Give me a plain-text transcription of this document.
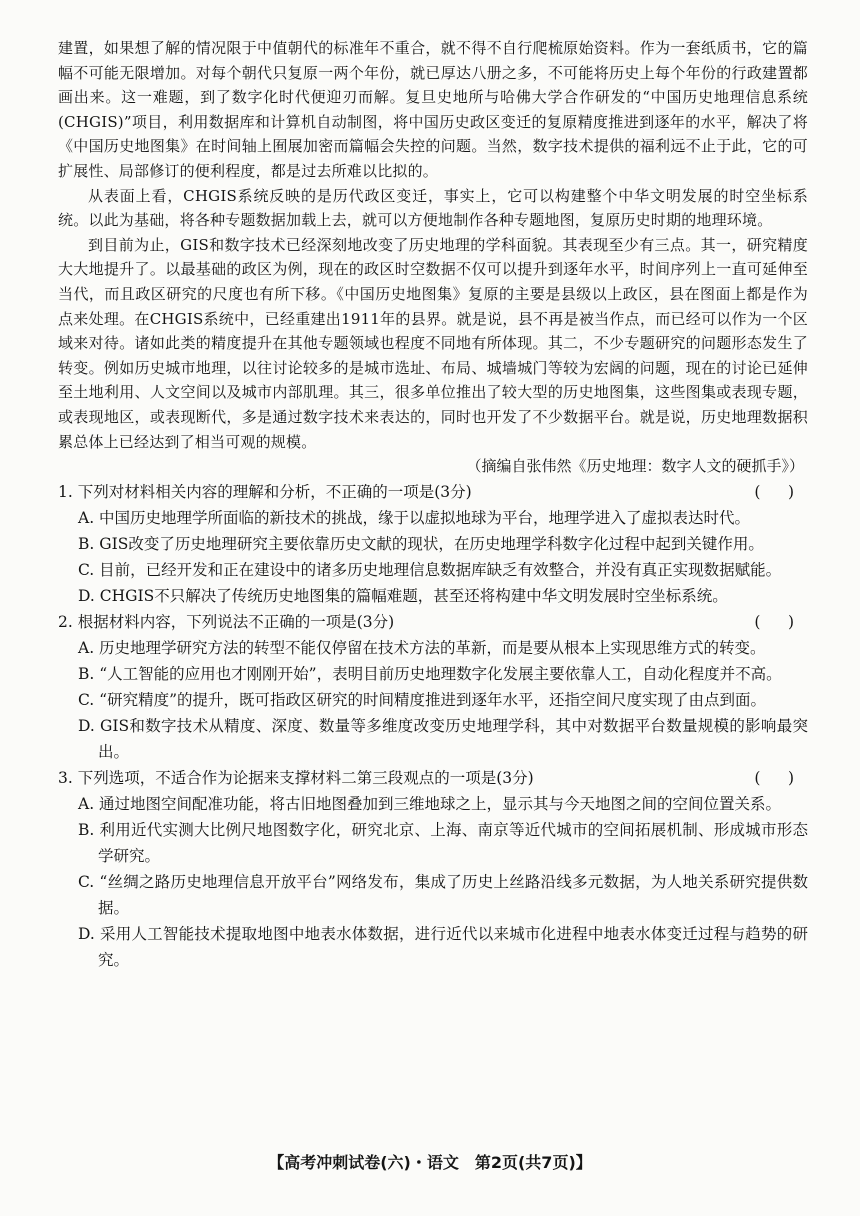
建置，如果想了解的情况限于中值朝代的标准年不重合，就不得不自行爬梳原始资料。作为一套纸质书，它的篇幅不可能无限增加。对每个朝代只复原一两个年份，就已厚达八册之多，不可能将历史上每个年份的行政建置都画出来。这一难题，到了数字化时代便迎刃而解。复旦史地所与哈佛大学合作研发的“中国历史地理信息系统(CHGIS)”项目，利用数据库和计算机自动制图，将中国历史政区变迁的复原精度推进到逐年的水平，解决了将《中国历史地图集》在时间轴上囿展加密而篇幅会失控的问题。当然，数字技术提供的福利远不止于此，它的可扩展性、局部修订的便利程度，都是过去所难以比拟的。

从表面上看，CHGIS系统反映的是历代政区变迁，事实上，它可以构建整个中华文明发展的时空坐标系统。以此为基础，将各种专题数据加载上去，就可以方便地制作各种专题地图，复原历史时期的地理环境。

到目前为止，GIS和数字技术已经深刻地改变了历史地理的学科面貌。其表现至少有三点。其一，研究精度大大地提升了。以最基础的政区为例，现在的政区时空数据不仅可以提升到逐年水平，时间序列上一直可延伸至当代，而且政区研究的尺度也有所下移。《中国历史地图集》复原的主要是县级以上政区，县在图面上都是作为点来处理。在CHGIS系统中，已经重建出1911年的县界。就是说，县不再是被当作点，而已经可以作为一个区域来对待。诸如此类的精度提升在其他专题领域也程度不同地有所体现。其二，不少专题研究的问题形态发生了转变。例如历史城市地理，以往讨论较多的是城市选址、布局、城墙城门等较为宏阔的问题，现在的讨论已延伸至土地利用、人文空间以及城市内部肌理。其三，很多单位推出了较大型的历史地图集，这些图集或表现专题，或表现地区，或表现断代，多是通过数字技术来表达的，同时也开发了不少数据平台。就是说，历史地理数据积累总体上已经达到了相当可观的规模。

（摘编自张伟然《历史地理：数字人文的硬抓手》）

1. 下列对材料相关内容的理解和分析，不正确的一项是(3分)	(　)

A. 中国历史地理学所面临的新技术的挑战，缘于以虚拟地球为平台，地理学进入了虚拟表达时代。

B. GIS改变了历史地理研究主要依靠历史文献的现状，在历史地理学科数字化过程中起到关键作用。

C. 目前，已经开发和正在建设中的诸多历史地理信息数据库缺乏有效整合，并没有真正实现数据赋能。

D. CHGIS不只解决了传统历史地图集的篇幅难题，甚至还将构建中华文明发展时空坐标系统。

2. 根据材料内容，下列说法不正确的一项是(3分)	(　)

A. 历史地理学研究方法的转型不能仅停留在技术方法的革新，而是要从根本上实现思维方式的转变。

B. “人工智能的应用也才刚刚开始”，表明目前历史地理数字化发展主要依靠人工，自动化程度并不高。

C. “研究精度”的提升，既可指政区研究的时间精度推进到逐年水平，还指空间尺度实现了由点到面。

D. GIS和数字技术从精度、深度、数量等多维度改变历史地理学科，其中对数据平台数量规模的影响最突出。

3. 下列选项，不适合作为论据来支撑材料二第三段观点的一项是(3分)	(　)

A. 通过地图空间配准功能，将古旧地图叠加到三维地球之上，显示其与今天地图之间的空间位置关系。

B. 利用近代实测大比例尺地图数字化，研究北京、上海、南京等近代城市的空间拓展机制、形成城市形态学研究。

C. “丝绸之路历史地理信息开放平台”网络发布，集成了历史上丝路沿线多元数据，为人地关系研究提供数据。

D. 采用人工智能技术提取地图中地表水体数据，进行近代以来城市化进程中地表水体变迁过程与趋势的研究。

【高考冲刺试卷(六)・语文　第2页(共7页)】
